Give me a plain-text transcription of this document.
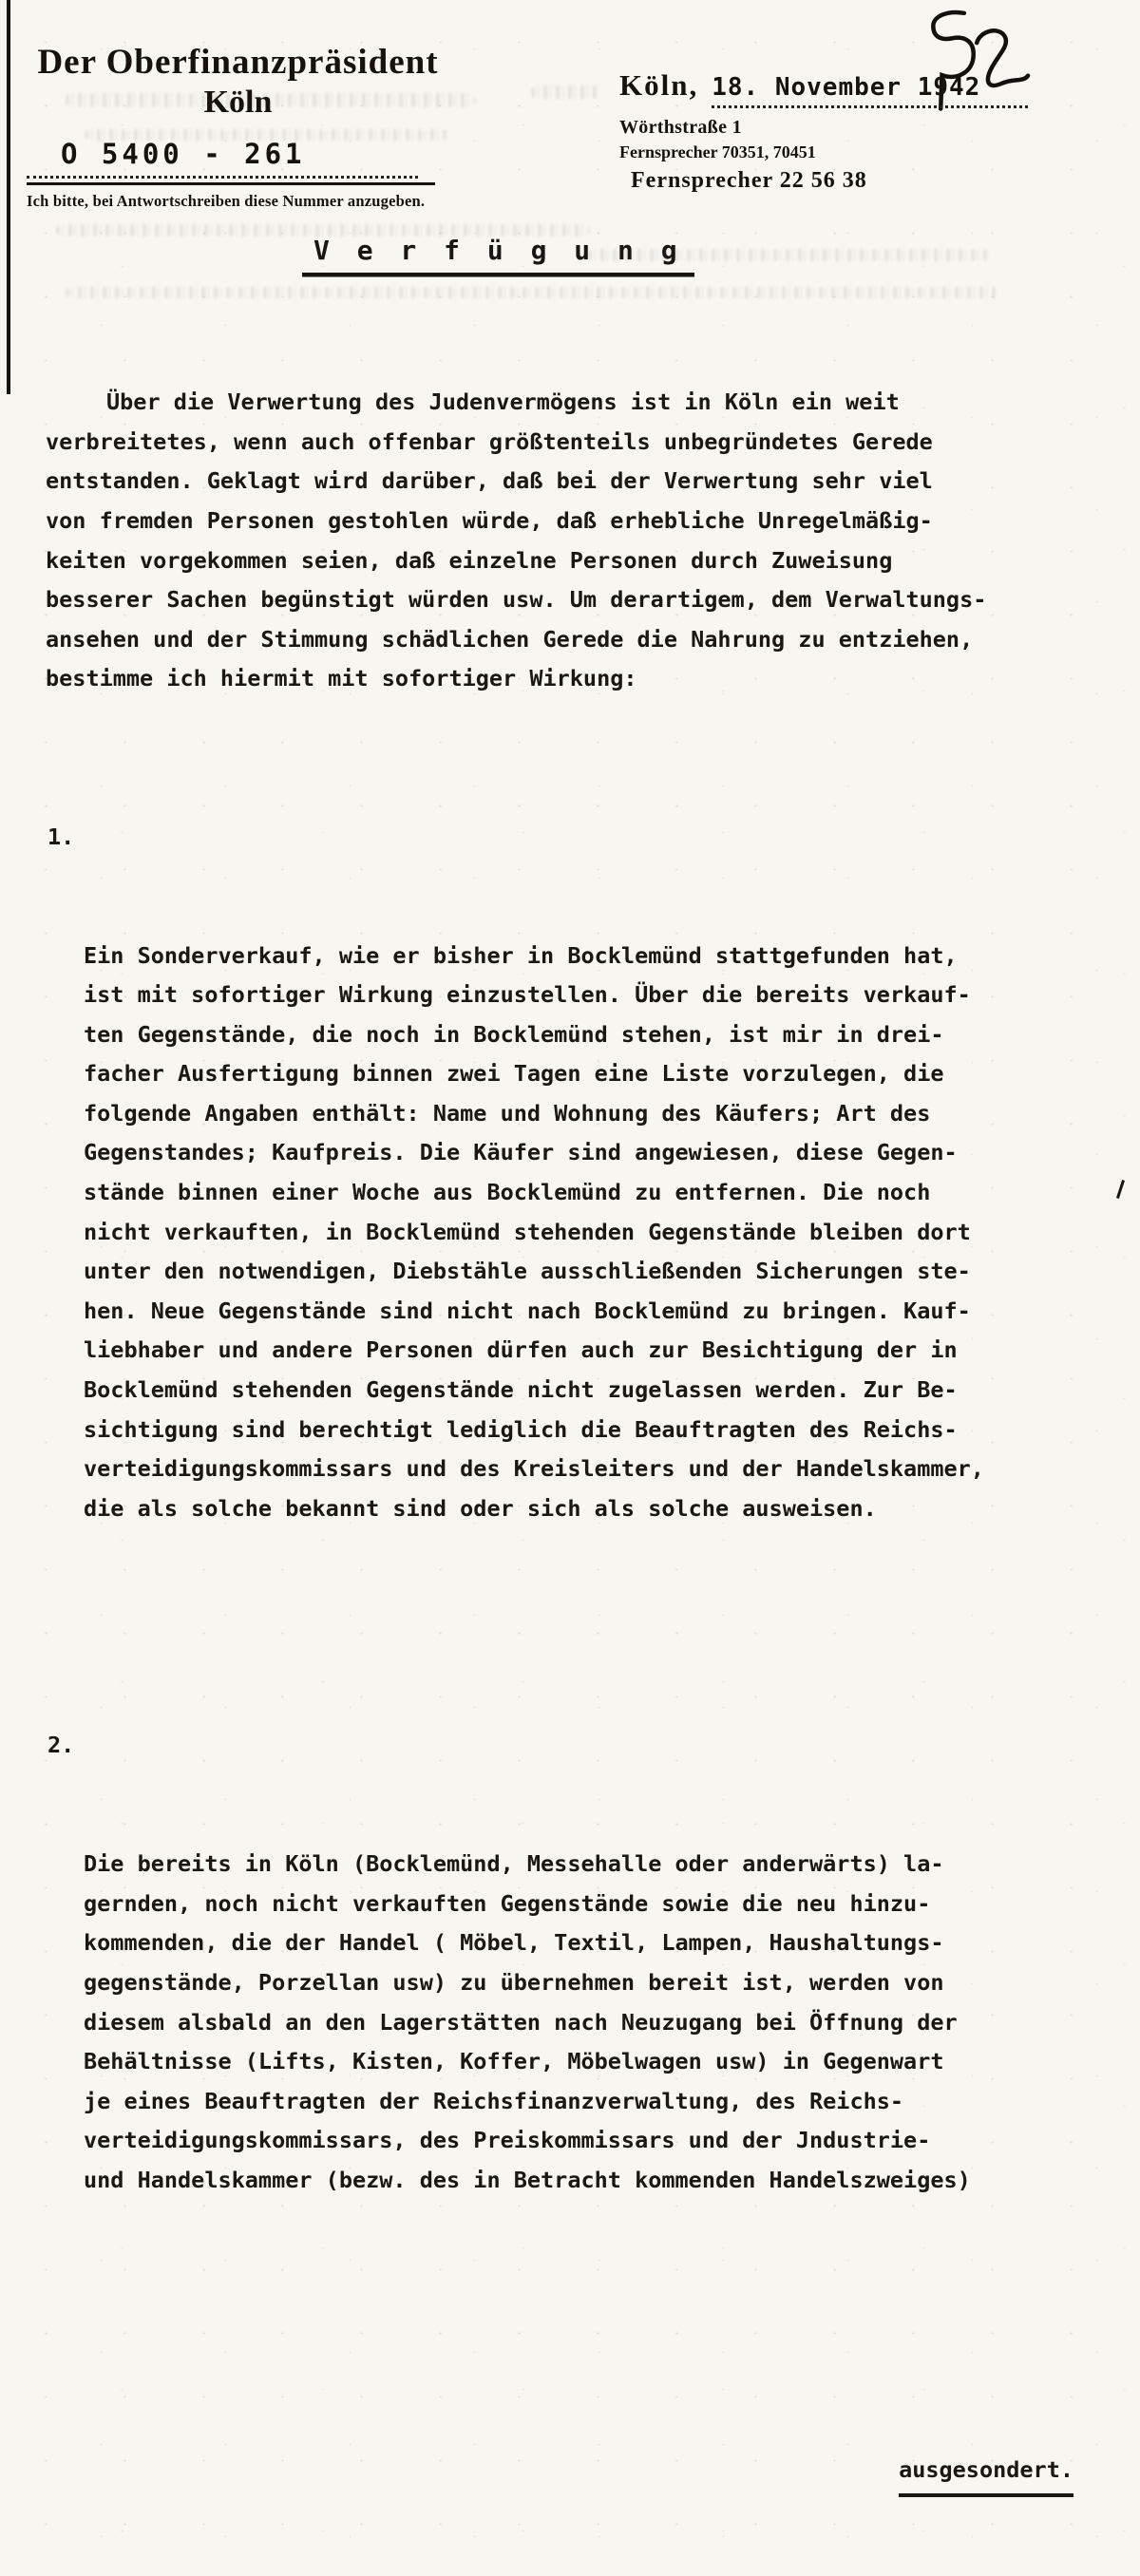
Der Oberfinanzpräsident
Köln
O 5400 - 261
Ich bitte, bei Antwortschreiben diese Nummer anzugeben.
Köln, 18. November 1942
Wörthstraße 1
Fernsprecher 70351, 70451
Fernsprecher 22 56 38
V e r f ü g u n g

Über die Verwertung des Judenvermögens ist in Köln ein weit
verbreitetes, wenn auch offenbar größtenteils unbegründetes Gerede
entstanden. Geklagt wird darüber, daß bei der Verwertung sehr viel
von fremden Personen gestohlen würde, daß erhebliche Unregelmäßig-
keiten vorgekommen seien, daß einzelne Personen durch Zuweisung
besserer Sachen begünstigt würden usw. Um derartigem, dem Verwaltungs-
ansehen und der Stimmung schädlichen Gerede die Nahrung zu entziehen,
bestimme ich hiermit mit sofortiger Wirkung:

1.

Ein Sonderverkauf, wie er bisher in Bocklemünd stattgefunden hat,
ist mit sofortiger Wirkung einzustellen. Über die bereits verkauf-
ten Gegenstände, die noch in Bocklemünd stehen, ist mir in drei-
facher Ausfertigung binnen zwei Tagen eine Liste vorzulegen, die
folgende Angaben enthält: Name und Wohnung des Käufers; Art des
Gegenstandes; Kaufpreis. Die Käufer sind angewiesen, diese Gegen-
stände binnen einer Woche aus Bocklemünd zu entfernen. Die noch
nicht verkauften, in Bocklemünd stehenden Gegenstände bleiben dort
unter den notwendigen, Diebstähle ausschließenden Sicherungen ste-
hen. Neue Gegenstände sind nicht nach Bocklemünd zu bringen. Kauf-
liebhaber und andere Personen dürfen auch zur Besichtigung der in
Bocklemünd stehenden Gegenstände nicht zugelassen werden. Zur Be-
sichtigung sind berechtigt lediglich die Beauftragten des Reichs-
verteidigungskommissars und des Kreisleiters und der Handelskammer,
die als solche bekannt sind oder sich als solche ausweisen.

2.

Die bereits in Köln (Bocklemünd, Messehalle oder anderwärts) la-
gernden, noch nicht verkauften Gegenstände sowie die neu hinzu-
kommenden, die der Handel ( Möbel, Textil, Lampen, Haushaltungs-
gegenstände, Porzellan usw) zu übernehmen bereit ist, werden von
diesem alsbald an den Lagerstätten nach Neuzugang bei Öffnung der
Behältnisse (Lifts, Kisten, Koffer, Möbelwagen usw) in Gegenwart
je eines Beauftragten der Reichsfinanzverwaltung, des Reichs-
verteidigungskommissars, des Preiskommissars und der Jndustrie-
und Handelskammer (bezw. des in Betracht kommenden Handelszweiges)

ausgesondert.
